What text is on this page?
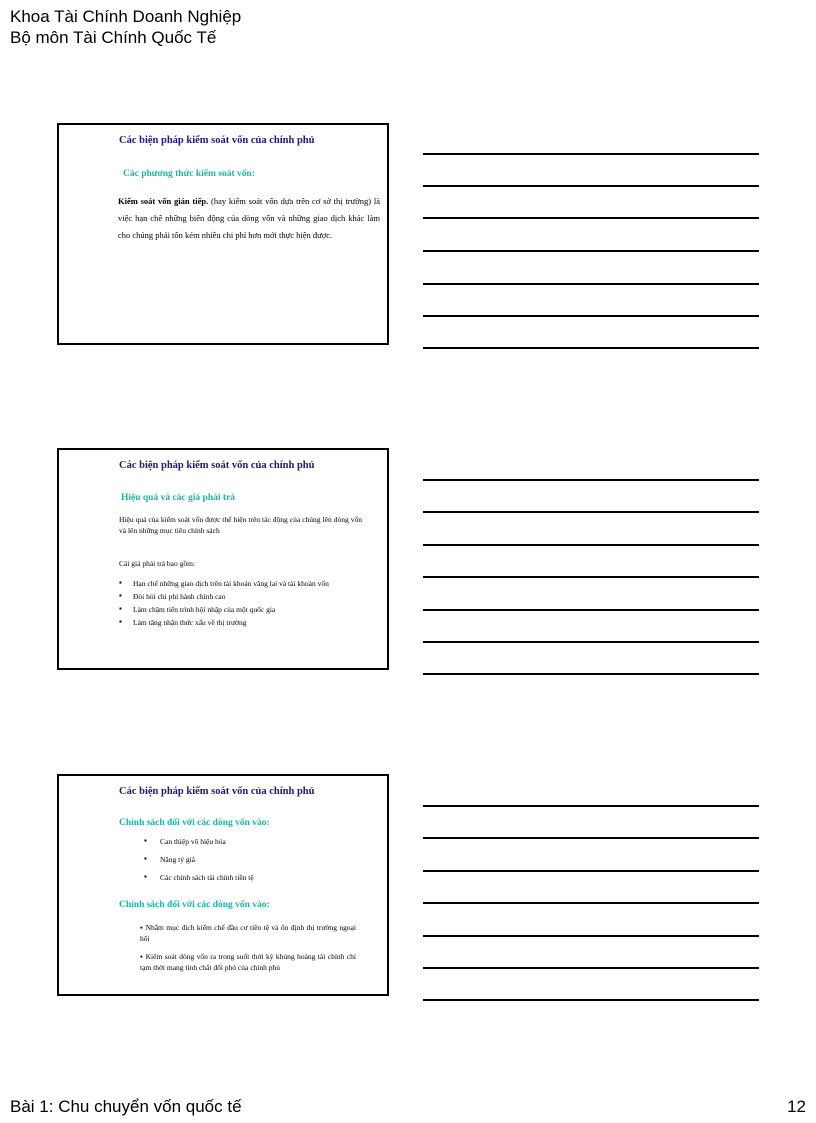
Khoa Tài Chính Doanh Nghiệp
Bộ môn Tài Chính Quốc Tế
Các biện pháp kiểm soát vốn của chính phủ
Các phương thức kiểm soát vốn:
Kiểm soát vốn gián tiếp. (hay kiểm soát vốn dựa trên cơ sở thị trường) là việc hạn chế những biến động của dòng vốn và những giao dịch khác làm cho chúng phải tốn kém nhiều chi phí hơn mới thực hiện được.
Các biện pháp kiểm soát vốn của chính phủ
Hiệu quả và các giá phải trả
Hiệu quả của kiểm soát vốn được thể hiện trên tác động của chúng lên dòng vốn và lên những mục tiêu chính sách
Cái giá phải trả bao gồm:
▪ Hạn chế những giao dịch trên tài khoản vãng lai và tài khoản vốn
▪ Đòi hỏi chi phí hành chính cao
▪ Làm chậm tiến trình hội nhập của một quốc gia
▪ Làm tăng nhận thức xấu về thị trường
Các biện pháp kiểm soát vốn của chính phủ
Chính sách đối với các dòng vốn vào:
▪ Can thiệp vô hiệu hóa
▪ Nâng tỷ giá
▪ Các chính sách tài chính tiền tệ
Chính sách đối với các dòng vốn vào:
▪ Nhằm mục đích kiểm chế đầu cơ tiền tệ và ổn định thị trường ngoại hối
▪ Kiểm soát dòng vốn ra trong suốt thời kỳ khủng hoảng tài chính chỉ tạm thời mang tính chất đối phó của chính phủ
Bài 1: Chu chuyển vốn quốc tế	12
